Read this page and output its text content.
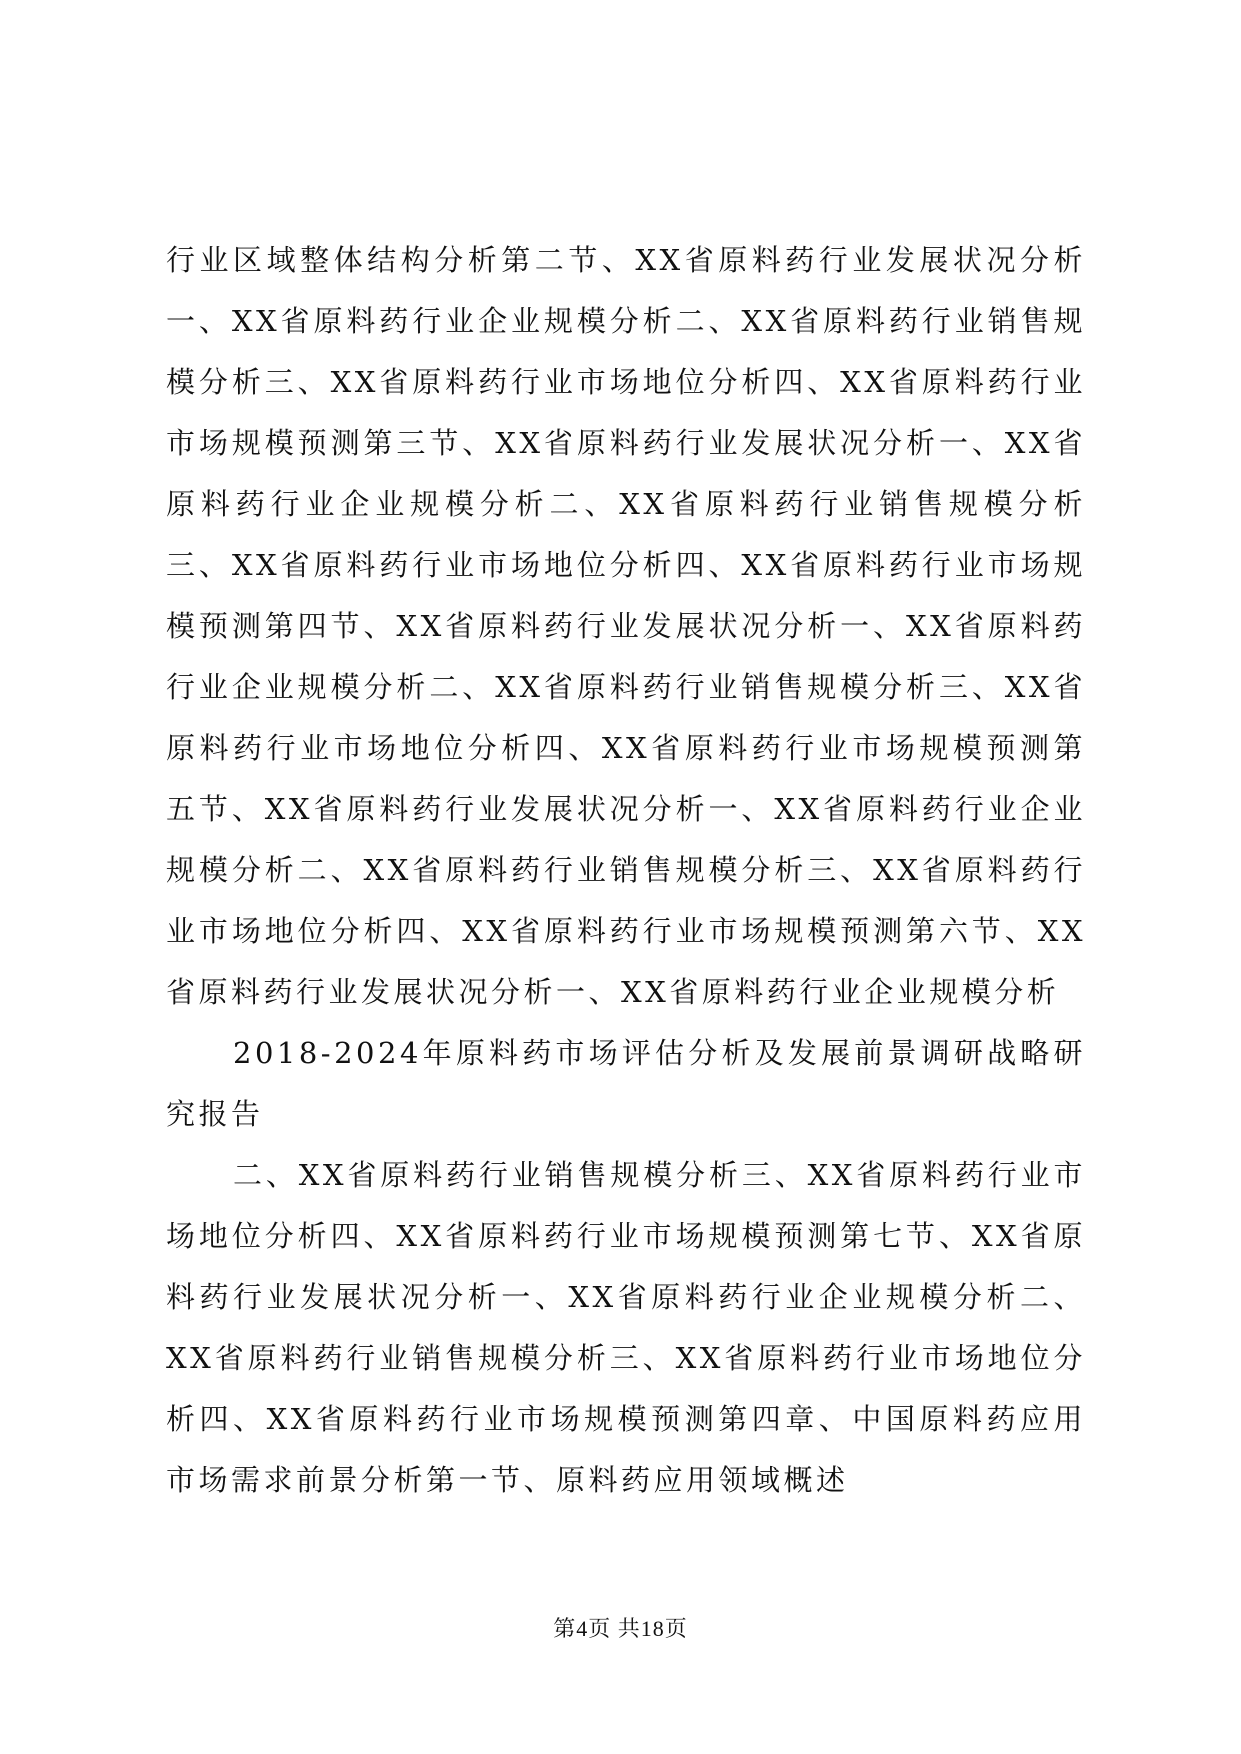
行业区域整体结构分析第二节、XX省原料药行业发展状况分析一、XX省原料药行业企业规模分析二、XX省原料药行业销售规模分析三、XX省原料药行业市场地位分析四、XX省原料药行业市场规模预测第三节、XX省原料药行业发展状况分析一、XX省原料药行业企业规模分析二、XX省原料药行业销售规模分析三、XX省原料药行业市场地位分析四、XX省原料药行业市场规模预测第四节、XX省原料药行业发展状况分析一、XX省原料药行业企业规模分析二、XX省原料药行业销售规模分析三、XX省原料药行业市场地位分析四、XX省原料药行业市场规模预测第五节、XX省原料药行业发展状况分析一、XX省原料药行业企业规模分析二、XX省原料药行业销售规模分析三、XX省原料药行业市场地位分析四、XX省原料药行业市场规模预测第六节、XX省原料药行业发展状况分析一、XX省原料药行业企业规模分析

2018-2024年原料药市场评估分析及发展前景调研战略研究报告

二、XX省原料药行业销售规模分析三、XX省原料药行业市场地位分析四、XX省原料药行业市场规模预测第七节、XX省原料药行业发展状况分析一、XX省原料药行业企业规模分析二、XX省原料药行业销售规模分析三、XX省原料药行业市场地位分析四、XX省原料药行业市场规模预测第四章、中国原料药应用市场需求前景分析第一节、原料药应用领域概述

第4页 共18页
